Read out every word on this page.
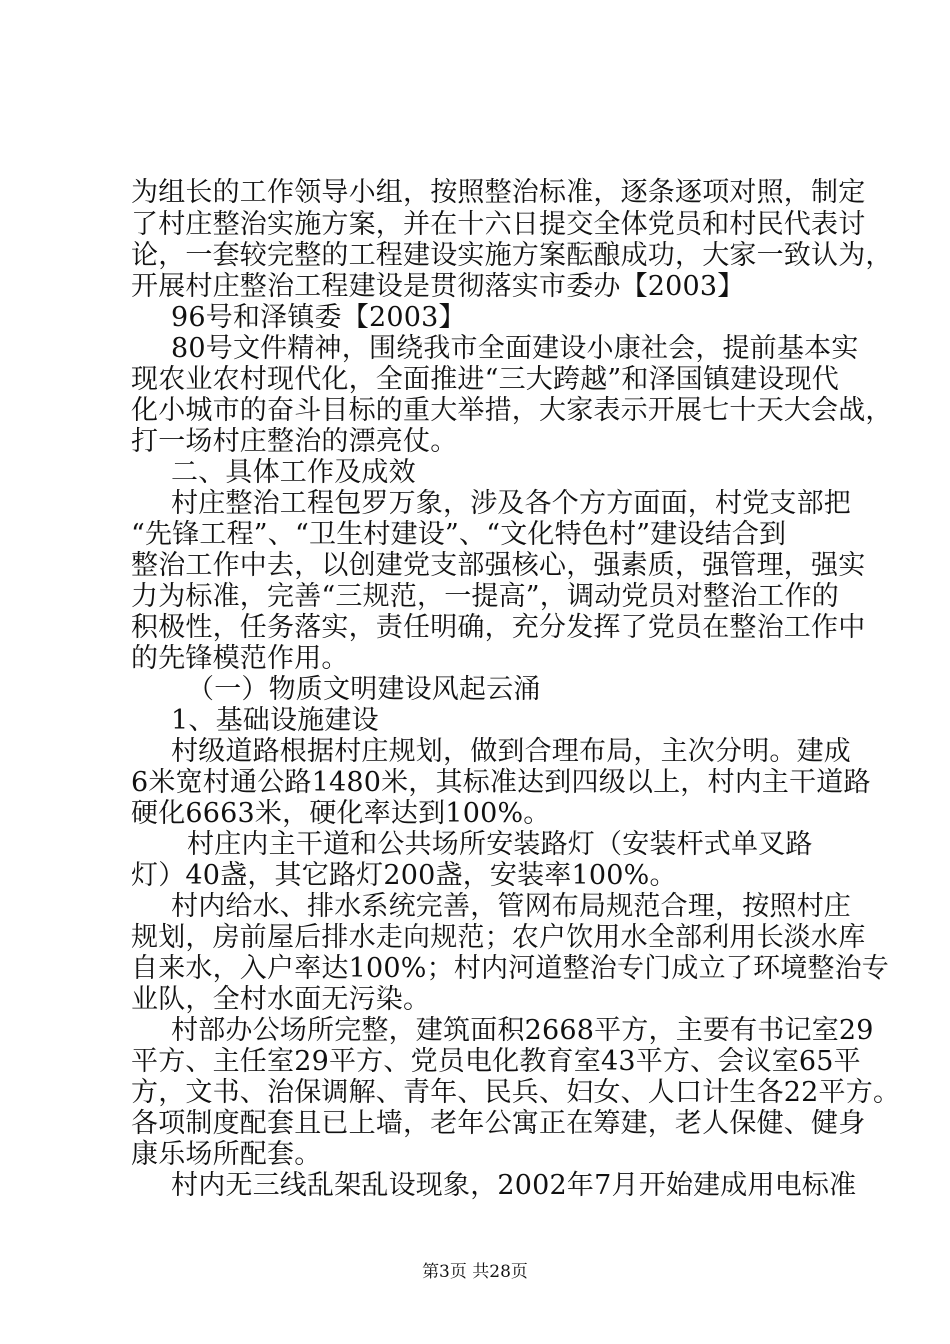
为组长的工作领导小组，按照整治标准，逐条逐项对照，制定
了村庄整治实施方案，并在十六日提交全体党员和村民代表讨
论，一套较完整的工程建设实施方案酝酿成功，大家一致认为，
开展村庄整治工程建设是贯彻落实市委办【2003】
96号和泽镇委【2003】
80号文件精神，围绕我市全面建设小康社会，提前基本实
现农业农村现代化，全面推进“三大跨越”和泽国镇建设现代
化小城市的奋斗目标的重大举措，大家表示开展七十天大会战，
打一场村庄整治的漂亮仗。
二、具体工作及成效
村庄整治工程包罗万象，涉及各个方方面面，村党支部把
“先锋工程”、“卫生村建设”、“文化特色村”建设结合到
整治工作中去，以创建党支部强核心，强素质，强管理，强实
力为标准，完善“三规范，一提高”，调动党员对整治工作的
积极性，任务落实，责任明确，充分发挥了党员在整治工作中
的先锋模范作用。
（一）物质文明建设风起云涌
1、基础设施建设
村级道路根据村庄规划，做到合理布局，主次分明。建成
6米宽村通公路1480米，其标准达到四级以上，村内主干道路
硬化6663米，硬化率达到100%。
村庄内主干道和公共场所安装路灯（安装杆式单叉路
灯）40盏，其它路灯200盏，安装率100%。
村内给水、排水系统完善，管网布局规范合理，按照村庄
规划，房前屋后排水走向规范；农户饮用水全部利用长淡水库
自来水，入户率达100%；村内河道整治专门成立了环境整治专
业队，全村水面无污染。
村部办公场所完整，建筑面积2668平方，主要有书记室29
平方、主任室29平方、党员电化教育室43平方、会议室65平
方，文书、治保调解、青年、民兵、妇女、人口计生各22平方。
各项制度配套且已上墙，老年公寓正在筹建，老人保健、健身
康乐场所配套。
村内无三线乱架乱设现象，2002年7月开始建成用电标准
第3页 共28页
